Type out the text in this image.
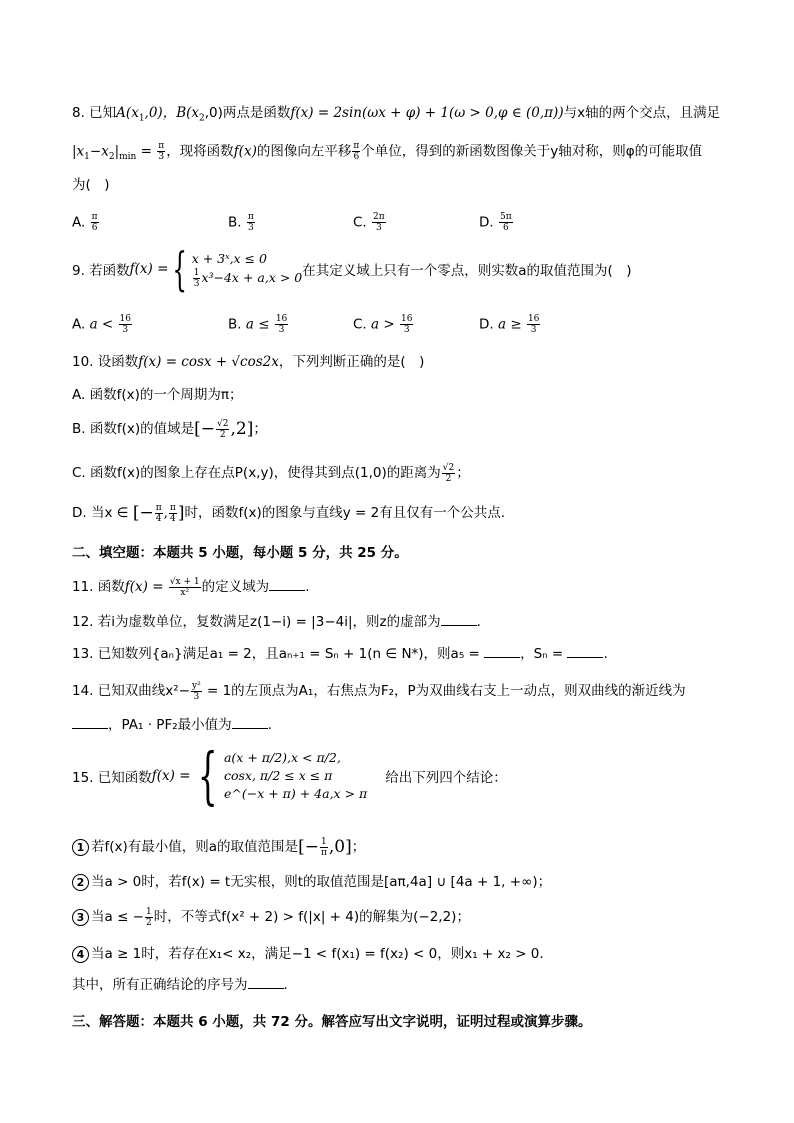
8. 已知$A(x_1,0)$，$B(x_2,0)$两点是函数f(x) = 2sin(ωx + φ) + 1(ω > 0,φ ∈ (0,π))与x轴的两个交点，且满足
$|x_1-x_2|_{min} = \frac{\pi}{3}$ ，现将函数f(x)的图像向左平移 $\frac{\pi}{6}$ 个单位，得到的新函数图像关于y轴对称，则φ的可能取值
为(　)
A. $\frac{\pi}{6}$	B. $\frac{\pi}{3}$	C. $\frac{2\pi}{3}$	D. $\frac{5\pi}{6}$
9. 若函数f(x) ={ x + 3ˣ,x ≤ 0
$\frac{1}{3} x^3-4x + a,x > 0$ 在其定义域上只有一个零点，则实数a的取值范围为(　)
A. $a < \frac{16}{3}$	B. $a \le \frac{16}{3}$	C. $a > \frac{16}{3}$	D. $a \ge \frac{16}{3}$
10. 设函数f(x) = cosx + √cos2x，下列判断正确的是(　)
A. 函数f(x)的一个周期为π；
B. 函数f(x)的值域是[− $\frac{√2}{2} ,2$]；
C. 函数f(x)的图象上存在点P(x,y)，使得其到点(1,0)的距离为 $\frac{√2}{2}$ ；
D. 当x ∈ [− $\frac{\pi}{4}$ , $\frac{\pi}{4}$ ]时，函数f(x)的图象与直线y = 2有且仅有一个公共点.
二、填空题：本题共 5 小题，每小题 5 分，共 25 分。
11. 函数$f(x) = \frac{√x + 1}{\text{x²}}$ 的定义域为	.
12. 若i为虚数单位，复数满足z(1−i) = |3−4i|，则z的虚部为	.
13. 已知数列{aₙ}满足a₁ = 2，且aₙ₊₁ = Sₙ + 1(n ∈ N*)，则a₅ =	，Sₙ =	.
14. 已知双曲线$x^2- \frac{\text{y²}}{3} = 1$的左顶点为A₁，右焦点为F₂，P为双曲线右支上一动点，则双曲线的渐近线为
，PA₁ · PF₂最小值为	.
15. 已知函数f(x) = { a(x + π/2),x < π/2,
cosx, π/2 ≤ x ≤ π
e^(−x + π) + 4a,x > π
给出下列四个结论：
1 若f(x)有最小值，则a的取值范围是[− $\frac{1}{\pi} ,0$]；
2 当a > 0时，若f(x) = t无实根，则t的取值范围是[aπ,4a] ∪ [4a + 1, +∞)；
3 当a ≤ − $\frac{1}{2}$ 时，不等式f(x² + 2) > f(|x| + 4)的解集为(−2,2)；
4 当a ≥ 1时，若存在x₁< x₂，满足−1 < f(x₁) = f(x₂) < 0，则x₁ + x₂ > 0.
其中，所有正确结论的序号为	.
三、解答题：本题共 6 小题，共 72 分。解答应写出文字说明，证明过程或演算步骤。
